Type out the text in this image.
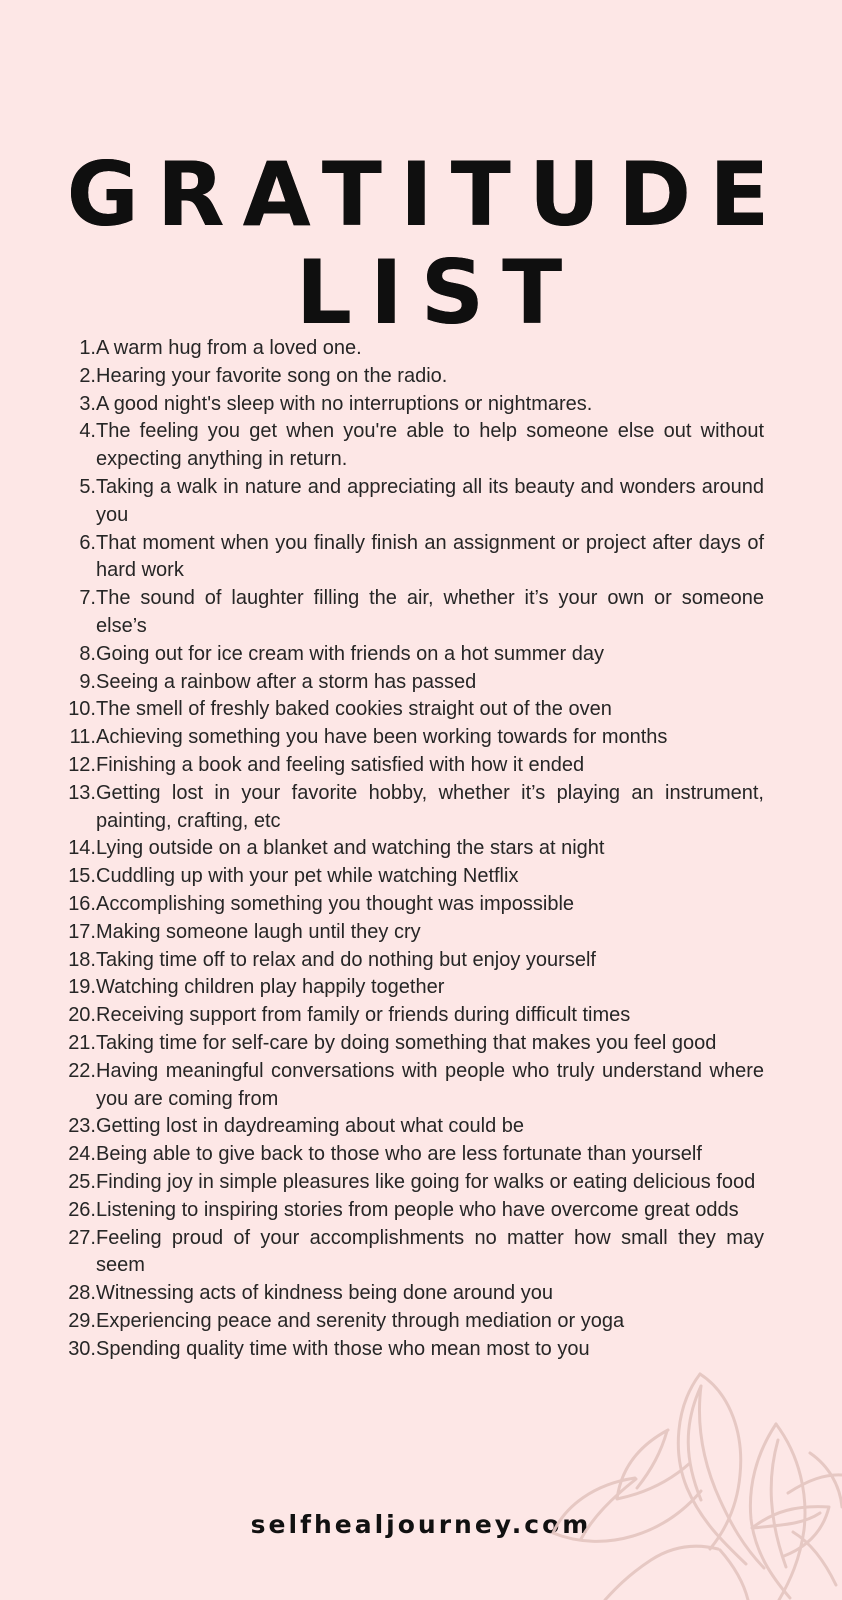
GRATITUDE
LIST
1. A warm hug from a loved one.
2. Hearing your favorite song on the radio.
3. A good night's sleep with no interruptions or nightmares.
4. The feeling you get when you're able to help someone else out without expecting anything in return.
5. Taking a walk in nature and appreciating all its beauty and wonders around you
6. That moment when you finally finish an assignment or project after days of hard work
7. The sound of laughter filling the air, whether it’s your own or someone else’s
8. Going out for ice cream with friends on a hot summer day
9. Seeing a rainbow after a storm has passed
10. The smell of freshly baked cookies straight out of the oven
11. Achieving something you have been working towards for months
12. Finishing a book and feeling satisfied with how it ended
13. Getting lost in your favorite hobby, whether it’s playing an instrument, painting, crafting, etc
14. Lying outside on a blanket and watching the stars at night
15. Cuddling up with your pet while watching Netflix
16. Accomplishing something you thought was impossible
17. Making someone laugh until they cry
18. Taking time off to relax and do nothing but enjoy yourself
19. Watching children play happily together
20. Receiving support from family or friends during difficult times
21. Taking time for self-care by doing something that makes you feel good
22. Having meaningful conversations with people who truly understand where you are coming from
23. Getting lost in daydreaming about what could be
24. Being able to give back to those who are less fortunate than yourself
25. Finding joy in simple pleasures like going for walks or eating delicious food
26. Listening to inspiring stories from people who have overcome great odds
27. Feeling proud of your accomplishments no matter how small they may seem
28. Witnessing acts of kindness being done around you
29. Experiencing peace and serenity through mediation or yoga
30. Spending quality time with those who mean most to you
selfhealjourney.com
